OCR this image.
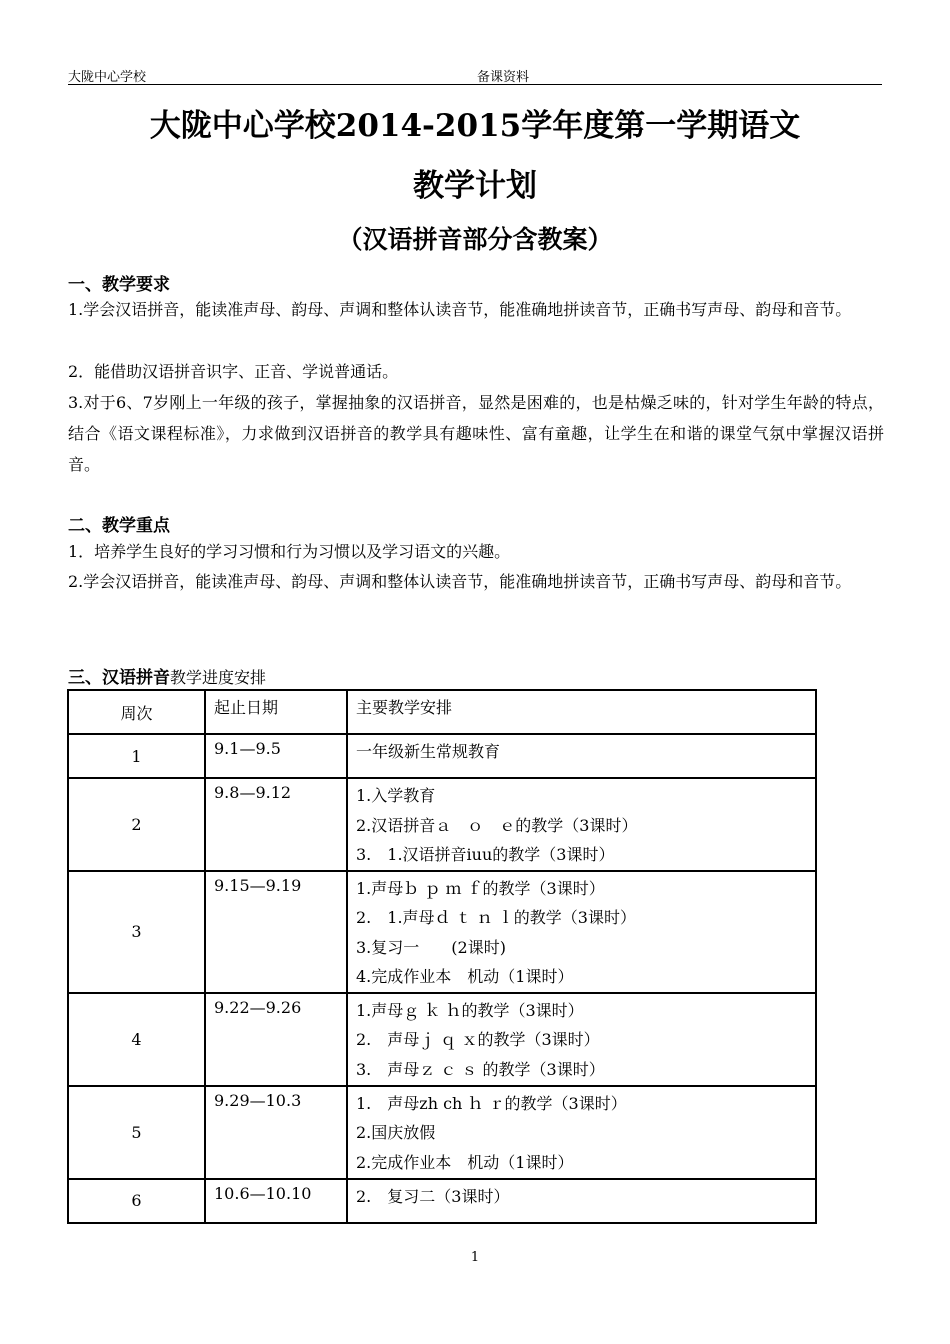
大陇中心学校	备课资料
大陇中心学校2014-2015学年度第一学期语文
教学计划
（汉语拼音部分含教案）
一、教学要求
1.学会汉语拼音，能读准声母、韵母、声调和整体认读音节，能准确地拼读音节，正确书写声母、韵母和音节。
2．能借助汉语拼音识字、正音、学说普通话。
3.对于6、7岁刚上一年级的孩子，掌握抽象的汉语拼音，显然是困难的，也是枯燥乏味的，针对学生年龄的特点，结合《语文课程标准》，力求做到汉语拼音的教学具有趣味性、富有童趣，让学生在和谐的课堂气氛中掌握汉语拼音。
二、教学重点
1．培养学生良好的学习习惯和行为习惯以及学习语文的兴趣。
2.学会汉语拼音，能读准声母、韵母、声调和整体认读音节，能准确地拼读音节，正确书写声母、韵母和音节。
三、汉语拼音教学进度安排
周次	起止日期	主要教学安排
1	9.1—9.5	一年级新生常规教育

2	9.8—9.12	1.入学教育
2.汉语拼音ａ　ｏ　ｅ的教学（3课时）
3.　1.汉语拼音iuu的教学（3课时）

3	9.15—9.19	1.声母ｂ ｐ ｍ ｆ的教学（3课时）
2.　1.声母ｄ ｔ ｎ ｌ的教学（3课时）
3.复习一　　(2课时)
4.完成作业本　机动（1课时）

4	9.22—9.26	1.声母ｇ ｋ ｈ的教学（3课时）
2.　声母ｊ ｑ ｘ的教学（3课时）
3.　声母ｚ ｃ ｓ 的教学（3课时）

5	9.29—10.3	1.　声母zh ch ｈ ｒ的教学（3课时）
2.国庆放假
2.完成作业本　机动（1课时）

6	10.6—10.10	2.　复习二（3课时）
1
